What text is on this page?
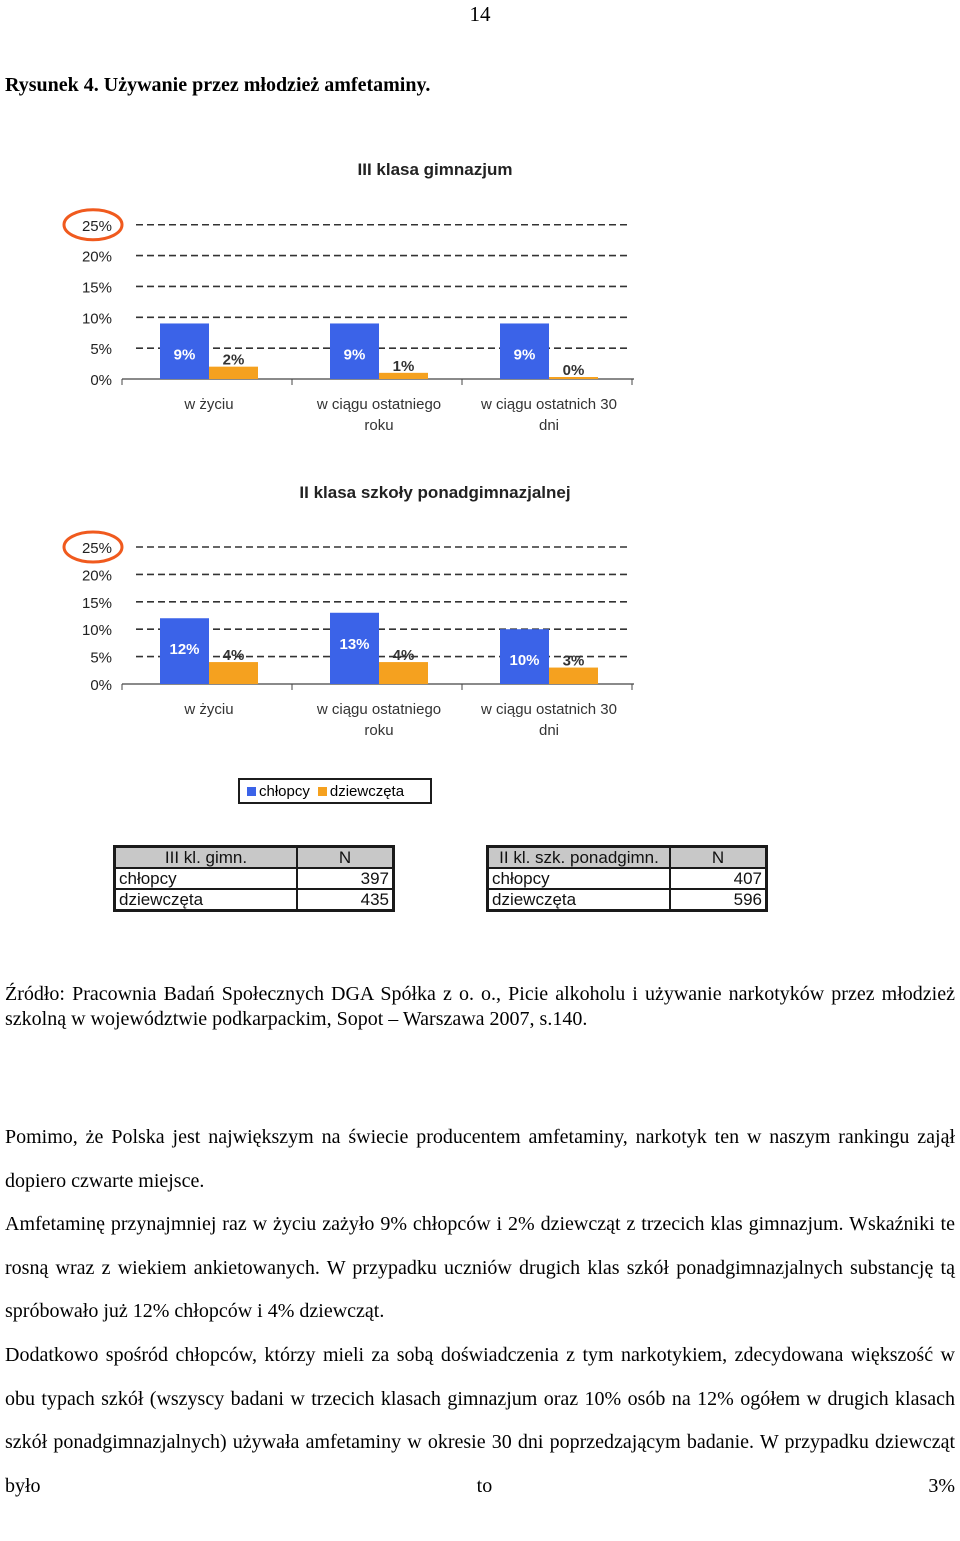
14
Rysunek 4. Używanie przez młodzież amfetaminy.
III klasa gimnazjum
0%
5%
10%
15%
20%
25%
9% 2%
w życiu
9%
1%
w ciągu ostatniego
roku
9%
0%
w ciągu ostatnich 30
dni
II klasa szkoły ponadgimnazjalnej
0%
5%
10%
15%
20%
25%
12% 4%
w życiu
13%
4%
w ciągu ostatniego
roku
10% 3%
w ciągu ostatnich 30
dni
chłopcy dziewczęta
III kl. gimn.	N
chłopcy	397
dziewczęta	435
II kl. szk. ponadgimn.	N
chłopcy	407
dziewczęta	596
Źródło: Pracownia Badań Społecznych DGA Spółka z o. o., Picie alkoholu i używanie narkotyków przez młodzież szkolną w województwie podkarpackim, Sopot – Warszawa 2007, s.140.

Pomimo, że Polska jest największym na świecie producentem amfetaminy, narkotyk ten w naszym rankingu zajął dopiero czwarte miejsce.

Amfetaminę przynajmniej raz w życiu zażyło 9% chłopców i 2% dziewcząt z trzecich klas gimnazjum. Wskaźniki te rosną wraz z wiekiem ankietowanych. W przypadku uczniów drugich klas szkół ponadgimnazjalnych substancję tą spróbowało już 12% chłopców i 4% dziewcząt.

Dodatkowo spośród chłopców, którzy mieli za sobą doświadczenia z tym narkotykiem, zdecydowana większość w obu typach szkół (wszyscy badani w trzecich klasach gimnazjum oraz 10% osób na 12% ogółem w drugich klasach szkół ponadgimnazjalnych) używała amfetaminy w okresie 30 dni poprzedzającym badanie. W przypadku dziewcząt było to 3%
